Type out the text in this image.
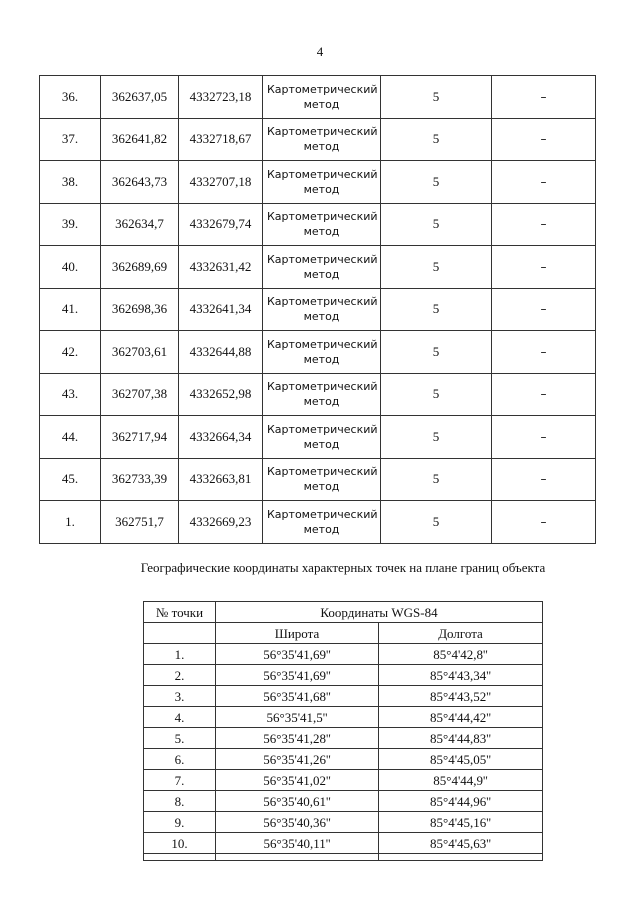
4
36.	362637,05	4332723,18	Картометрический метод	5	–
37.	362641,82	4332718,67	Картометрический метод	5	–
38.	362643,73	4332707,18	Картометрический метод	5	–
39.	362634,7	4332679,74	Картометрический метод	5	–
40.	362689,69	4332631,42	Картометрический метод	5	–
41.	362698,36	4332641,34	Картометрический метод	5	–
42.	362703,61	4332644,88	Картометрический метод	5	–
43.	362707,38	4332652,98	Картометрический метод	5	–
44.	362717,94	4332664,34	Картометрический метод	5	–
45.	362733,39	4332663,81	Картометрический метод	5	–
1.	362751,7	4332669,23	Картометрический метод	5	–
Географические координаты характерных точек на плане границ объекта
№ точки	Координаты WGS-84	
	Широта	Долгота
1.	56°35'41,69''	85°4'42,8''
2.	56°35'41,69''	85°4'43,34''
3.	56°35'41,68''	85°4'43,52''
4.	56°35'41,5''	85°4'44,42''
5.	56°35'41,28''	85°4'44,83''
6.	56°35'41,26''	85°4'45,05''
7.	56°35'41,02''	85°4'44,9''
8.	56°35'40,61''	85°4'44,96''
9.	56°35'40,36''	85°4'45,16''
10.	56°35'40,11''	85°4'45,63''
